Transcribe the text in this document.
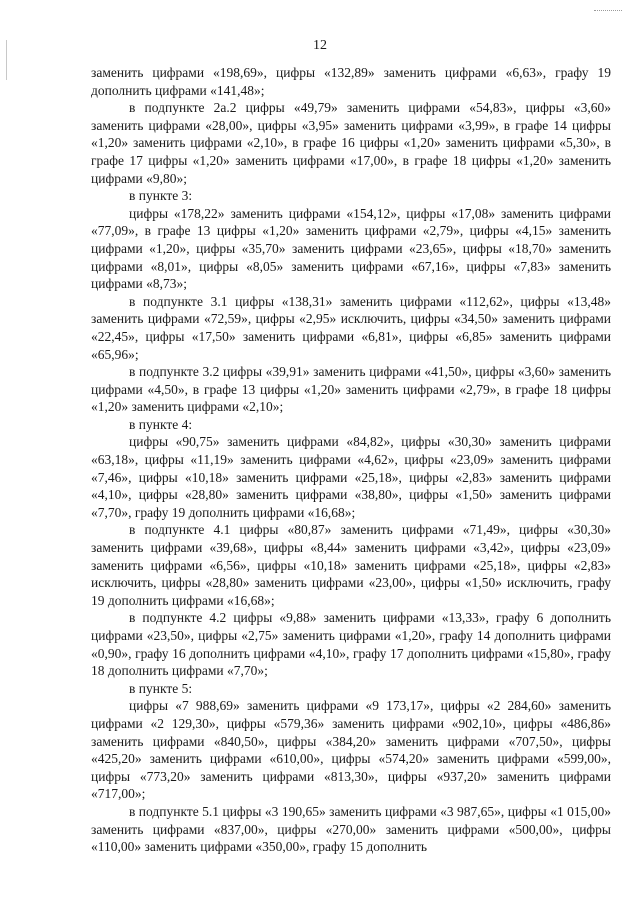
12

заменить цифрами «198,69», цифры «132,89» заменить цифрами «6,63», графу 19 дополнить цифрами «141,48»;

в подпункте 2а.2 цифры «49,79» заменить цифрами «54,83», цифры «3,60» заменить цифрами «28,00», цифры «3,95» заменить цифрами «3,99», в графе 14 цифры «1,20» заменить цифрами «2,10», в графе 16 цифры «1,20» заменить цифрами «5,30», в графе 17 цифры «1,20» заменить цифрами «17,00», в графе 18 цифры «1,20» заменить цифрами «9,80»;

в пункте 3:

цифры «178,22» заменить цифрами «154,12», цифры «17,08» заменить цифрами «77,09», в графе 13 цифры «1,20» заменить цифрами «2,79», цифры «4,15» заменить цифрами «1,20», цифры «35,70» заменить цифрами «23,65», цифры «18,70» заменить цифрами «8,01», цифры «8,05» заменить цифрами «67,16», цифры «7,83» заменить цифрами «8,73»;

в подпункте 3.1 цифры «138,31» заменить цифрами «112,62», цифры «13,48» заменить цифрами «72,59», цифры «2,95» исключить, цифры «34,50» заменить цифрами «22,45», цифры «17,50» заменить цифрами «6,81», цифры «6,85» заменить цифрами «65,96»;

в подпункте 3.2 цифры «39,91» заменить цифрами «41,50», цифры «3,60» заменить цифрами «4,50», в графе 13 цифры «1,20» заменить цифрами «2,79», в графе 18 цифры «1,20» заменить цифрами «2,10»;

в пункте 4:

цифры «90,75» заменить цифрами «84,82», цифры «30,30» заменить цифрами «63,18», цифры «11,19» заменить цифрами «4,62», цифры «23,09» заменить цифрами «7,46», цифры «10,18» заменить цифрами «25,18», цифры «2,83» заменить цифрами «4,10», цифры «28,80» заменить цифрами «38,80», цифры «1,50» заменить цифрами «7,70», графу 19 дополнить цифрами «16,68»;

в подпункте 4.1 цифры «80,87» заменить цифрами «71,49», цифры «30,30» заменить цифрами «39,68», цифры «8,44» заменить цифрами «3,42», цифры «23,09» заменить цифрами «6,56», цифры «10,18» заменить цифрами «25,18», цифры «2,83» исключить, цифры «28,80» заменить цифрами «23,00», цифры «1,50» исключить, графу 19 дополнить цифрами «16,68»;

в подпункте 4.2 цифры «9,88» заменить цифрами «13,33», графу 6 дополнить цифрами «23,50», цифры «2,75» заменить цифрами «1,20», графу 14 дополнить цифрами «0,90», графу 16 дополнить цифрами «4,10», графу 17 дополнить цифрами «15,80», графу 18 дополнить цифрами «7,70»;

в пункте 5:

цифры «7 988,69» заменить цифрами «9 173,17», цифры «2 284,60» заменить цифрами «2 129,30», цифры «579,36» заменить цифрами «902,10», цифры «486,86» заменить цифрами «840,50», цифры «384,20» заменить цифрами «707,50», цифры «425,20» заменить цифрами «610,00», цифры «574,20» заменить цифрами «599,00», цифры «773,20» заменить цифрами «813,30», цифры «937,20» заменить цифрами «717,00»;

в подпункте 5.1 цифры «3 190,65» заменить цифрами «3 987,65», цифры «1 015,00» заменить цифрами «837,00», цифры «270,00» заменить цифрами «500,00», цифры «110,00» заменить цифрами «350,00», графу 15 дополнить
